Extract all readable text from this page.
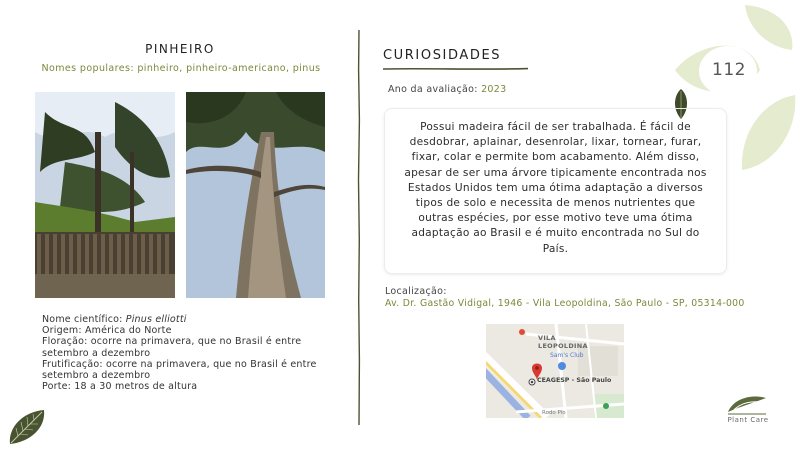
112
PINHEIRO
Nomes populares: pinheiro, pinheiro-americano, pinus
Nome científico: Pinus elliotti
Origem: América do Norte
Floração: ocorre na primavera, que no Brasil é entre setembro a dezembro
Frutificação: ocorre na primavera, que no Brasil é entre setembro a dezembro
Porte: 18 a 30 metros de altura
CURIOSIDADES
Ano da avaliação: 2023
Possui madeira fácil de ser trabalhada. É fácil de desdobrar, aplainar, desenrolar, lixar, tornear, furar, fixar, colar e permite bom acabamento. Além disso, apesar de ser uma árvore tipicamente encontrada nos Estados Unidos tem uma ótima adaptação a diversos tipos de solo e necessita de menos nutrientes que outras espécies, por esse motivo teve uma ótima adaptação ao Brasil e é muito encontrada no Sul do País.
Localização:
Av. Dr. Gastão Vidigal, 1946 - Vila Leopoldina, São Paulo - SP, 05314-000
VILA
LEOPOLDINA
Sam's Club
CEAGESP - São Paulo
Rodo Pio
Plant Care
